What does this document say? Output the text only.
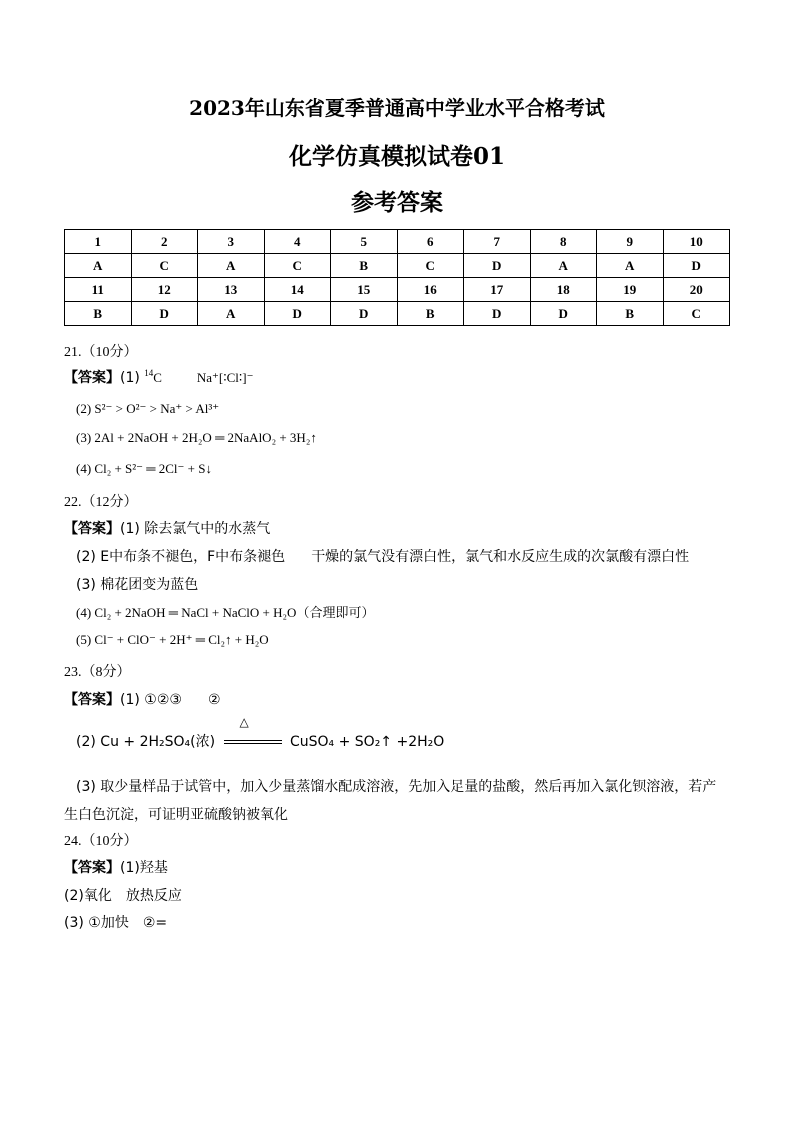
2023年山东省夏季普通高中学业水平合格考试
化学仿真模拟试卷01
参考答案
1	2	3	4	5	6	7	8	9	10
A	C	A	C	B	C	D	A	A	D
11	12	13	14	15	16	17	18	19	20
B	D	A	D	D	B	D	D	B	C
21.（10分）
【答案】(1) $^{14}$C	Na⁺[∶Cl∶]⁻
(2) S²⁻ > O²⁻ > Na⁺ > Al³⁺
(3) 2Al + 2NaOH + 2H₂O ═ 2NaAlO₂ + 3H₂↑
(4) Cl₂ + S²⁻ ═ 2Cl⁻ + S↓
22.（12分）
【答案】(1) 除去氯气中的水蒸气
(2) E中布条不褪色，F中布条褪色 干燥的氯气没有漂白性，氯气和水反应生成的次氯酸有漂白性
(3) 棉花团变为蓝色
(4) Cl₂ + 2NaOH ═ NaCl + NaClO + H₂O（合理即可）
(5) Cl⁻ + ClO⁻ + 2H⁺ ═ Cl₂↑ + H₂O
23.（8分）
【答案】(1) ①②③ ②
(2) Cu + 2H₂SO₄(浓)
△
CuSO₄ + SO₂↑ +2H₂O
(3) 取少量样品于试管中，加入少量蒸馏水配成溶液，先加入足量的盐酸，然后再加入氯化钡溶液，若产
生白色沉淀，可证明亚硫酸钠被氧化
24.（10分）
【答案】(1)羟基
(2)氧化 放热反应
(3) ①加快 ②=
